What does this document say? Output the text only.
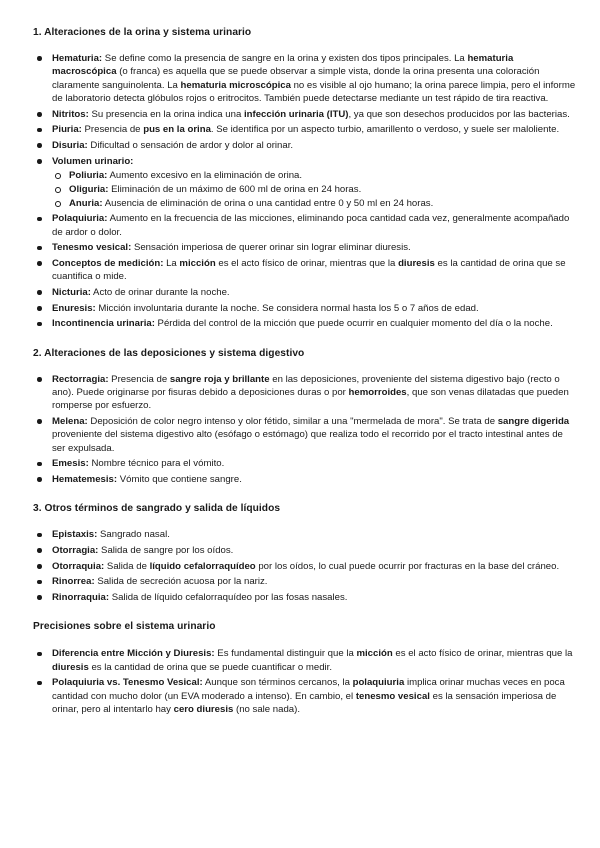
1. Alteraciones de la orina y sistema urinario
Hematuria: Se define como la presencia de sangre en la orina y existen dos tipos principales. La hematuria macroscópica (o franca) es aquella que se puede observar a simple vista, donde la orina presenta una coloración claramente sanguinolenta. La hematuria microscópica no es visible al ojo humano; la orina parece limpia, pero el informe de laboratorio detecta glóbulos rojos o eritrocitos. También puede detectarse mediante un test rápido de tira reactiva.
Nitritos: Su presencia en la orina indica una infección urinaria (ITU), ya que son desechos producidos por las bacterias.
Piuria: Presencia de pus en la orina. Se identifica por un aspecto turbio, amarillento o verdoso, y suele ser maloliente.
Disuria: Dificultad o sensación de ardor y dolor al orinar.
Volumen urinario:
Poliuria: Aumento excesivo en la eliminación de orina.
Oliguria: Eliminación de un máximo de 600 ml de orina en 24 horas.
Anuria: Ausencia de eliminación de orina o una cantidad entre 0 y 50 ml en 24 horas.
Polaquiuria: Aumento en la frecuencia de las micciones, eliminando poca cantidad cada vez, generalmente acompañado de ardor o dolor.
Tenesmo vesical: Sensación imperiosa de querer orinar sin lograr eliminar diuresis.
Conceptos de medición: La micción es el acto físico de orinar, mientras que la diuresis es la cantidad de orina que se cuantifica o mide.
Nicturia: Acto de orinar durante la noche.
Enuresis: Micción involuntaria durante la noche. Se considera normal hasta los 5 o 7 años de edad.
Incontinencia urinaria: Pérdida del control de la micción que puede ocurrir en cualquier momento del día o la noche.
2. Alteraciones de las deposiciones y sistema digestivo
Rectorragia: Presencia de sangre roja y brillante en las deposiciones, proveniente del sistema digestivo bajo (recto o ano). Puede originarse por fisuras debido a deposiciones duras o por hemorroides, que son venas dilatadas que pueden romperse por esfuerzo.
Melena: Deposición de color negro intenso y olor fétido, similar a una "mermelada de mora". Se trata de sangre digerida proveniente del sistema digestivo alto (esófago o estómago) que realiza todo el recorrido por el tracto intestinal antes de ser expulsada.
Emesis: Nombre técnico para el vómito.
Hematemesis: Vómito que contiene sangre.
3. Otros términos de sangrado y salida de líquidos
Epistaxis: Sangrado nasal.
Otorragia: Salida de sangre por los oídos.
Otorraquia: Salida de líquido cefalorraquídeo por los oídos, lo cual puede ocurrir por fracturas en la base del cráneo.
Rinorrea: Salida de secreción acuosa por la nariz.
Rinorraquia: Salida de líquido cefalorraquídeo por las fosas nasales.
Precisiones sobre el sistema urinario
Diferencia entre Micción y Diuresis: Es fundamental distinguir que la micción es el acto físico de orinar, mientras que la diuresis es la cantidad de orina que se puede cuantificar o medir.
Polaquiuria vs. Tenesmo Vesical: Aunque son términos cercanos, la polaquiuria implica orinar muchas veces en poca cantidad con mucho dolor (un EVA moderado a intenso). En cambio, el tenesmo vesical es la sensación imperiosa de orinar, pero al intentarlo hay cero diuresis (no sale nada).
